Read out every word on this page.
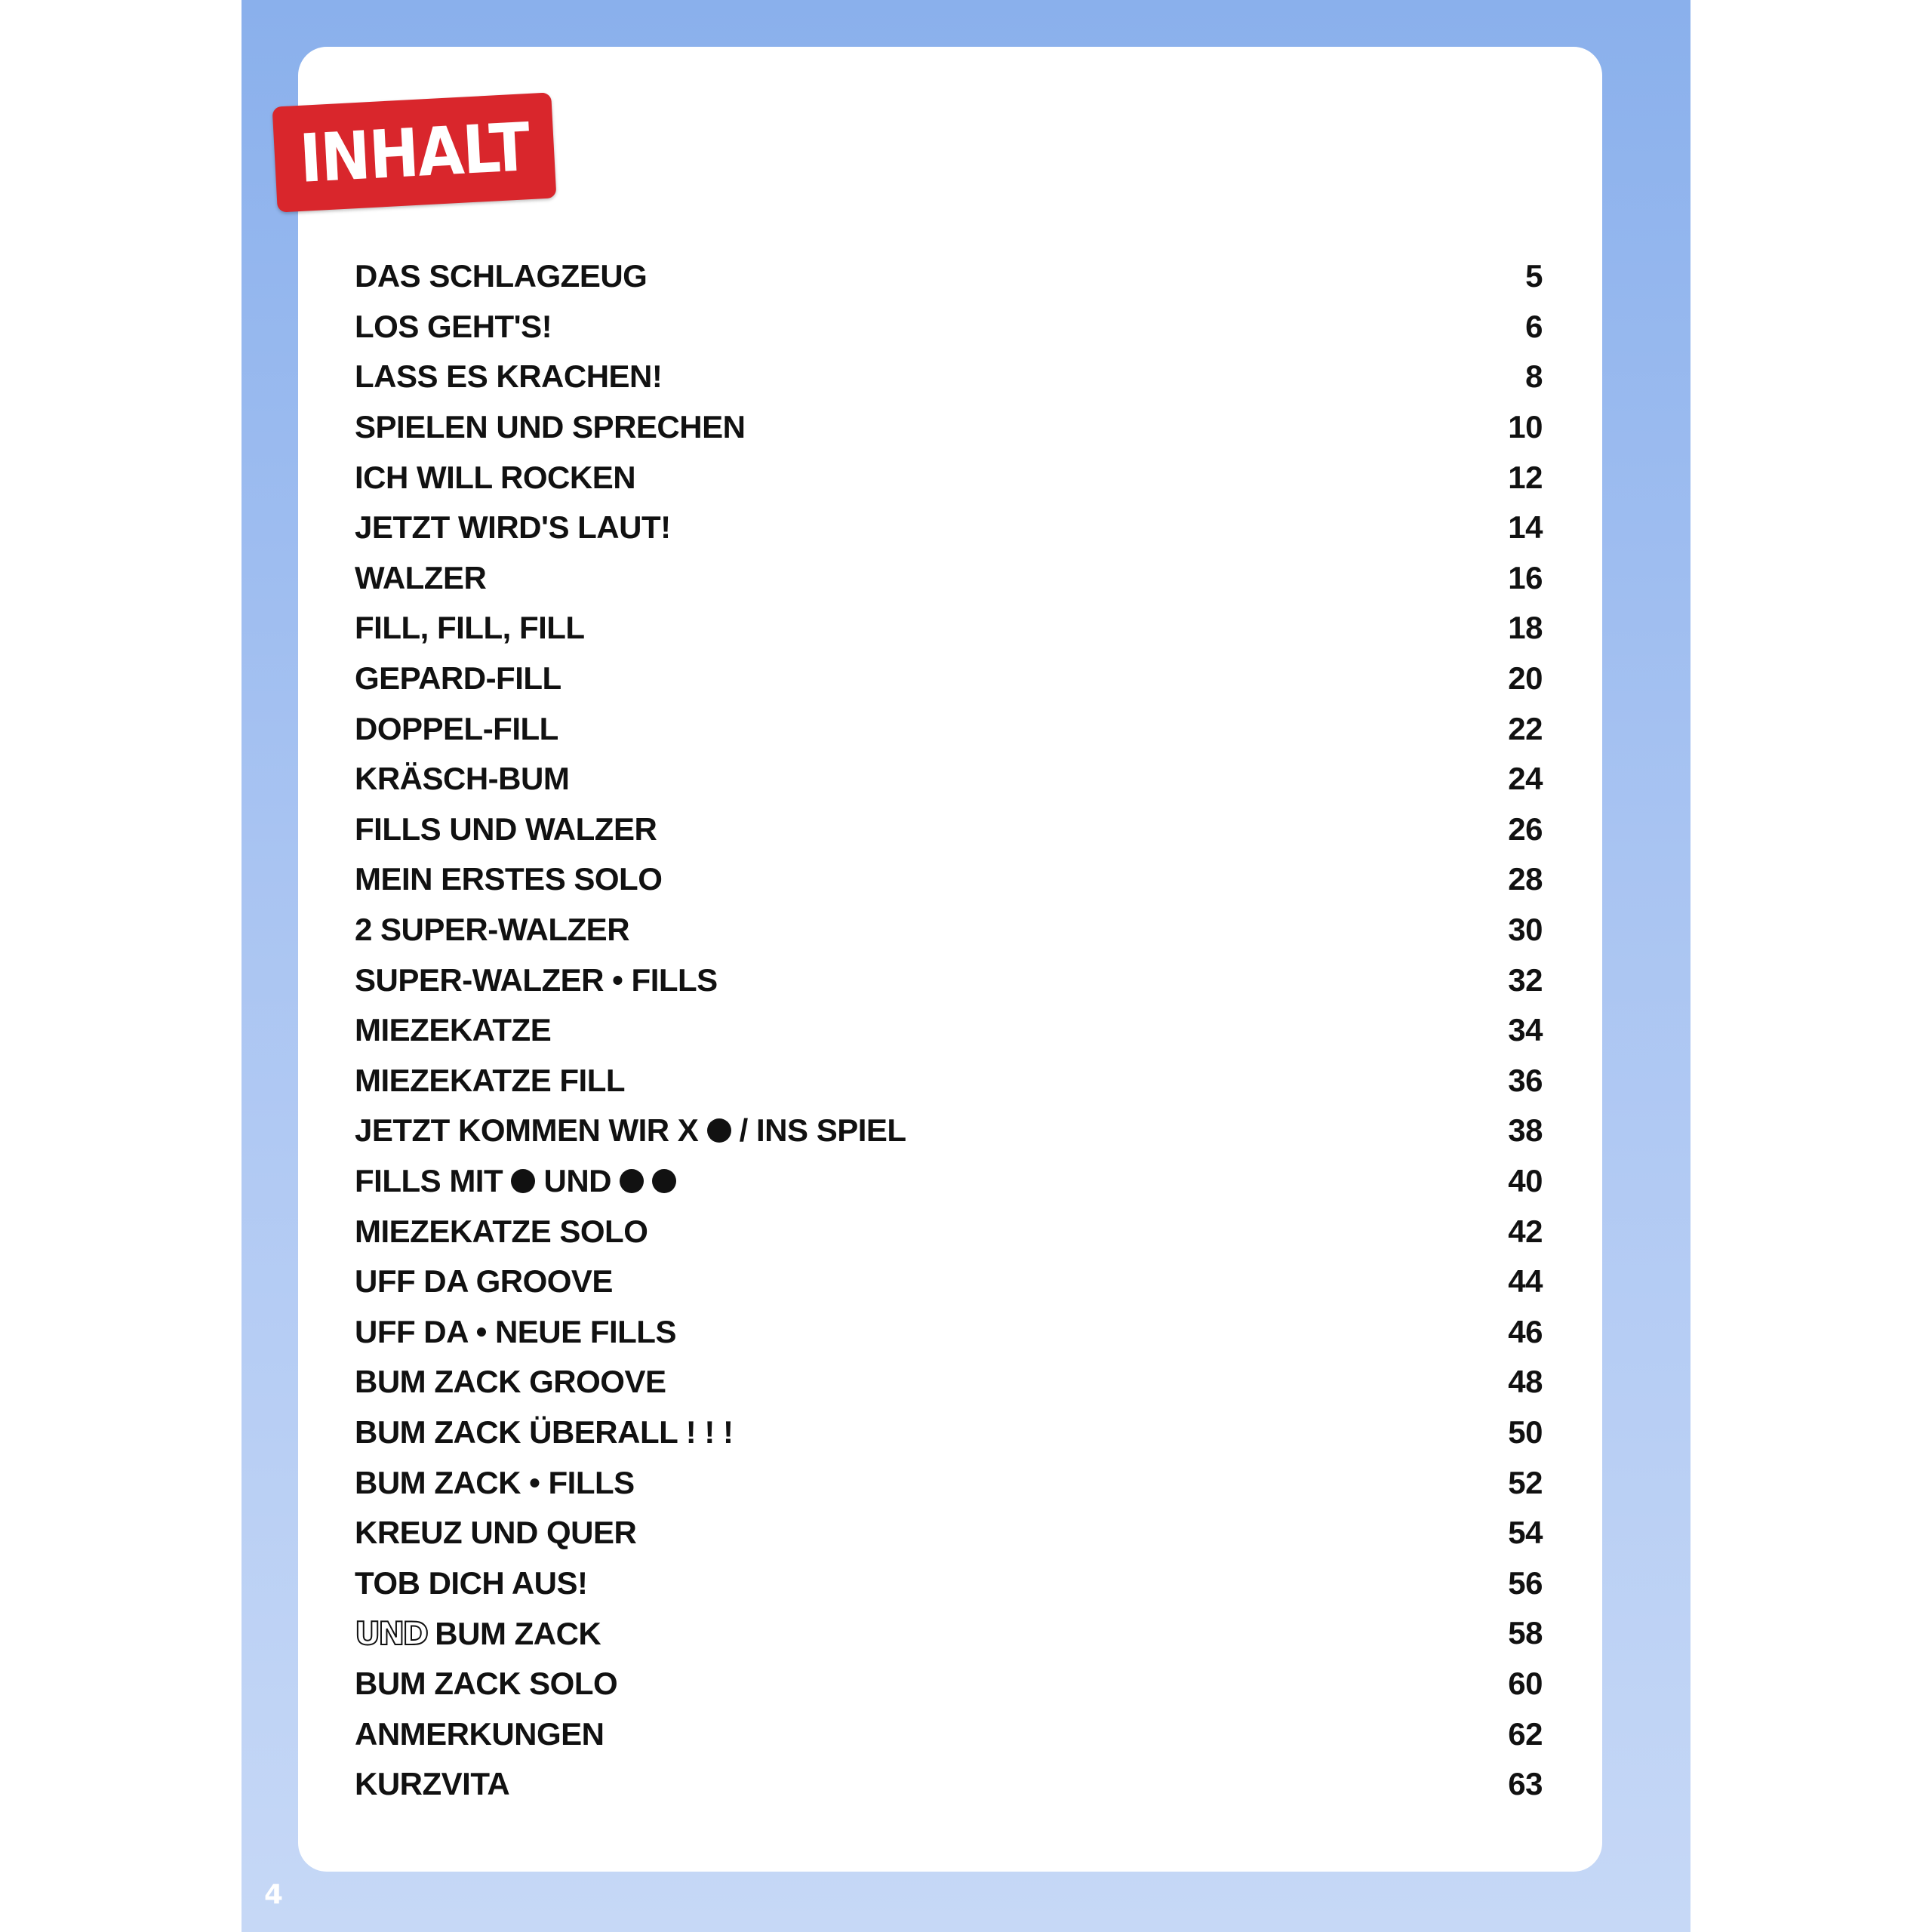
INHALT
DAS SCHLAGZEUG	5
LOS GEHT'S!	6
LASS ES KRACHEN!	8
SPIELEN UND SPRECHEN	10
ICH WILL ROCKEN	12
JETZT WIRD'S LAUT!	14
WALZER	16
FILL, FILL, FILL	18
GEPARD-FILL	20
DOPPEL-FILL	22
KRÄSCH-BUM	24
FILLS UND WALZER	26
MEIN ERSTES SOLO	28
2 SUPER-WALZER	30
SUPER-WALZER • FILLS	32
MIEZEKATZE	34
MIEZEKATZE FILL	36
JETZT KOMMEN WIR X / INS SPIEL	38
FILLS MIT UND	40
MIEZEKATZE SOLO	42
UFF DA GROOVE	44
UFF DA • NEUE FILLS	46
BUM ZACK GROOVE	48
BUM ZACK ÜBERALL ! ! !	50
BUM ZACK • FILLS	52
KREUZ UND QUER	54
TOB DICH AUS!	56
UND BUM ZACK	58
BUM ZACK SOLO	60
ANMERKUNGEN	62
KURZVITA	63
4
